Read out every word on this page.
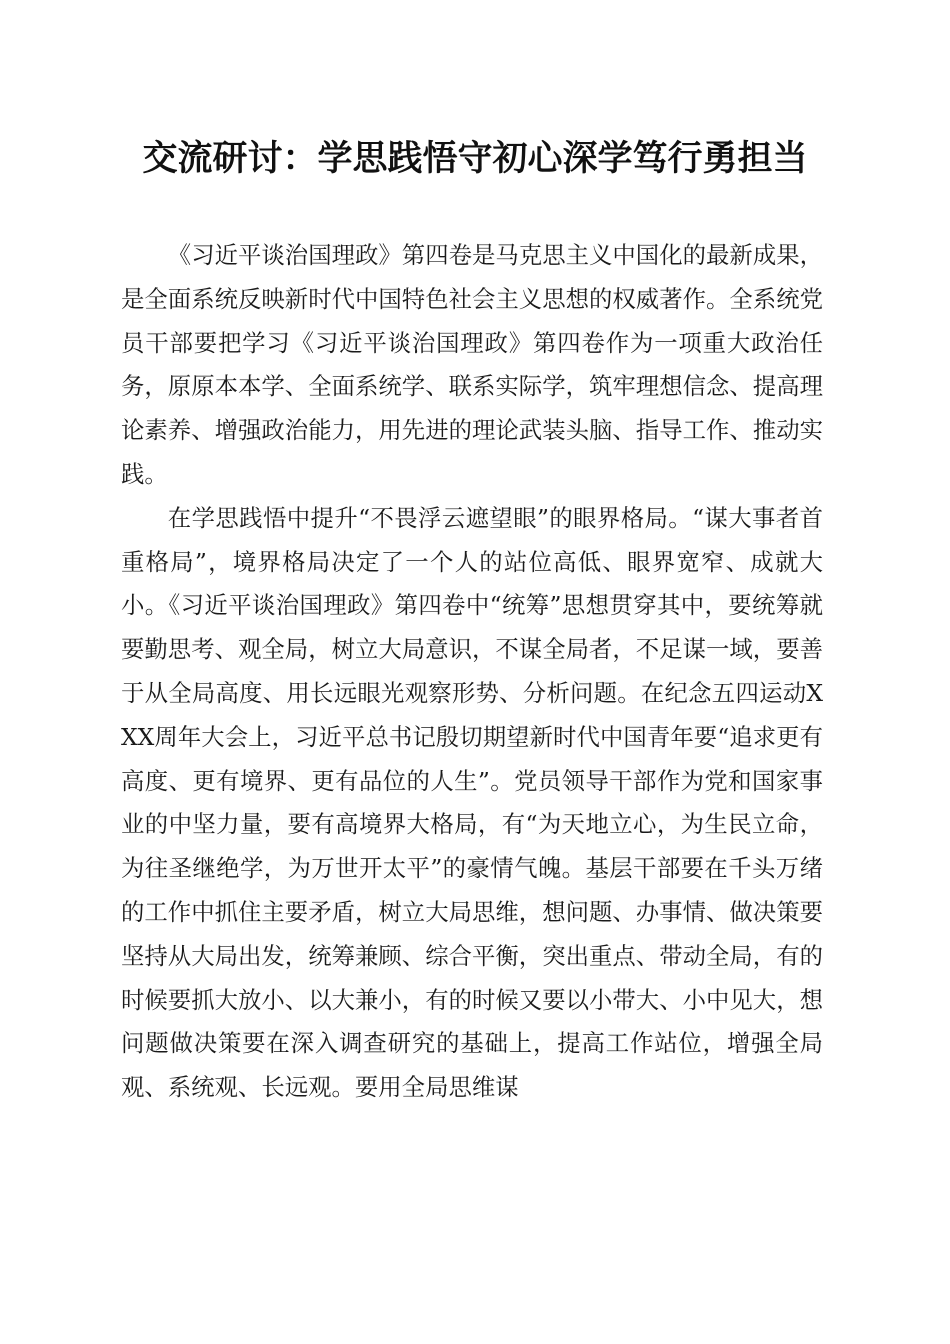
交流研讨：学思践悟守初心深学笃行勇担当

《习近平谈治国理政》第四卷是马克思主义中国化的最新成果，是全面系统反映新时代中国特色社会主义思想的权威著作。全系统党员干部要把学习《习近平谈治国理政》第四卷作为一项重大政治任务，原原本本学、全面系统学、联系实际学，筑牢理想信念、提高理论素养、增强政治能力，用先进的理论武装头脑、指导工作、推动实践。

在学思践悟中提升“不畏浮云遮望眼”的眼界格局。“谋大事者首重格局”，境界格局决定了一个人的站位高低、眼界宽窄、成就大小。《习近平谈治国理政》第四卷中“统筹”思想贯穿其中，要统筹就要勤思考、观全局，树立大局意识，不谋全局者，不足谋一域，要善于从全局高度、用长远眼光观察形势、分析问题。在纪念五四运动XXX周年大会上，习近平总书记殷切期望新时代中国青年要“追求更有高度、更有境界、更有品位的人生”。党员领导干部作为党和国家事业的中坚力量，要有高境界大格局，有“为天地立心，为生民立命，为往圣继绝学，为万世开太平”的豪情气魄。基层干部要在千头万绪的工作中抓住主要矛盾，树立大局思维，想问题、办事情、做决策要坚持从大局出发，统筹兼顾、综合平衡，突出重点、带动全局，有的时候要抓大放小、以大兼小，有的时候又要以小带大、小中见大，想问题做决策要在深入调查研究的基础上，提高工作站位，增强全局观、系统观、长远观。要用全局思维谋
